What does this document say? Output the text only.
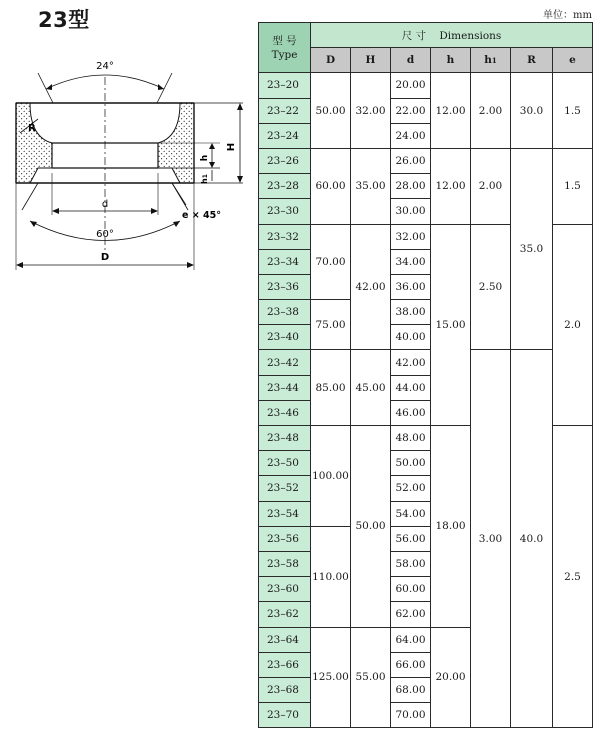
23型	单位：mm
24°
R
H
h
h1
d
e × 45°
60°
D
型 号
Type	尺 寸 Dimensions						
	D	H	d	h	h1	R	e
23–20	50.00	32.00	20.00	12.00	2.00	30.0	1.5
23–22			22.00				
23–24			24.00				
23–26	60.00	35.00	26.00	12.00	2.00	35.0	1.5
23–28			28.00				
23–30			30.00				
23–32	70.00	42.00	32.00	15.00	2.50		2.0
23–34			34.00				
23–36			36.00				
23–38	75.00		38.00				
23–40			40.00				
23–42	85.00	45.00	42.00		3.00	40.0	
23–44			44.00				
23–46			46.00				
23–48	100.00	50.00	48.00	18.00			2.5
23–50			50.00				
23–52			52.00				
23–54			54.00				
23–56	110.00		56.00				
23–58			58.00				
23–60			60.00				
23–62			62.00				
23–64	125.00	55.00	64.00	20.00			
23–66			66.00				
23–68			68.00				
23–70			70.00				
